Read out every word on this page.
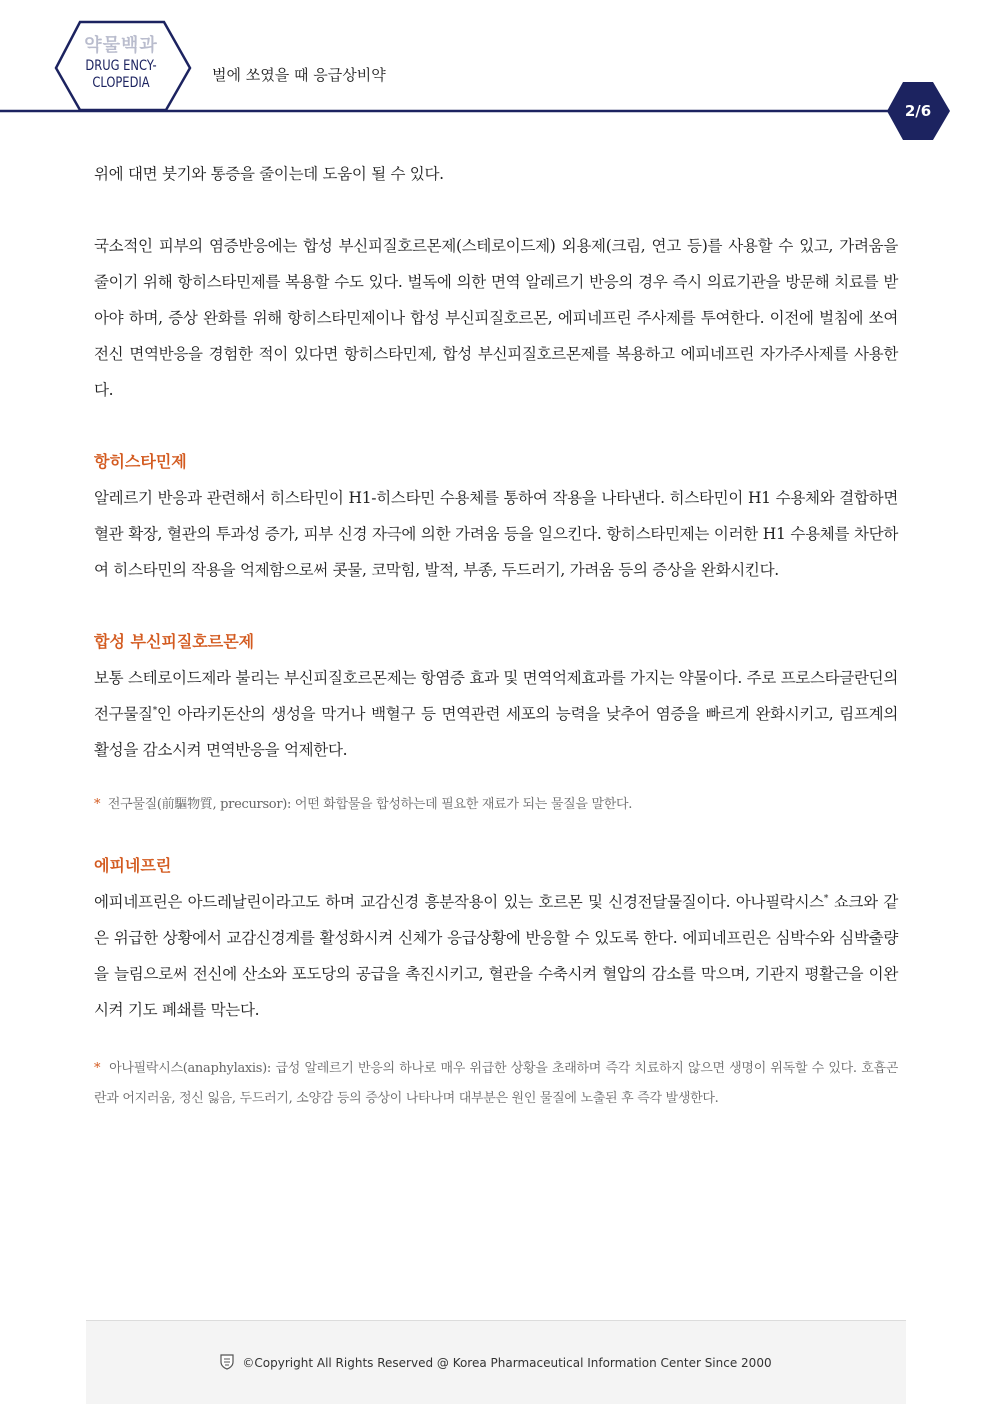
약물백과
DRUG ENCY-
CLOPEDIA	벌에 쏘였을 때 응급상비약
2/6

위에 대면 붓기와 통증을 줄이는데 도움이 될 수 있다.

국소적인 피부의 염증반응에는 합성 부신피질호르몬제(스테로이드제) 외용제(크림, 연고 등)를 사용할 수 있고, 가려움을 줄이기 위해 항히스타민제를 복용할 수도 있다. 벌독에 의한 면역 알레르기 반응의 경우 즉시 의료기관을 방문해 치료를 받아야 하며, 증상 완화를 위해 항히스타민제이나 합성 부신피질호르몬, 에피네프린 주사제를 투여한다. 이전에 벌침에 쏘여 전신 면역반응을 경험한 적이 있다면 항히스타민제, 합성 부신피질호르몬제를 복용하고 에피네프린 자가주사제를 사용한다.

항히스타민제

알레르기 반응과 관련해서 히스타민이 H1-히스타민 수용체를 통하여 작용을 나타낸다. 히스타민이 H1 수용체와 결합하면 혈관 확장, 혈관의 투과성 증가, 피부 신경 자극에 의한 가려움 등을 일으킨다. 항히스타민제는 이러한 H1 수용체를 차단하여 히스타민의 작용을 억제함으로써 콧물, 코막힘, 발적, 부종, 두드러기, 가려움 등의 증상을 완화시킨다.

합성 부신피질호르몬제

보통 스테로이드제라 불리는 부신피질호르몬제는 항염증 효과 및 면역억제효과를 가지는 약물이다. 주로 프로스타글란딘의 전구물질*인 아라키돈산의 생성을 막거나 백혈구 등 면역관련 세포의 능력을 낮추어 염증을 빠르게 완화시키고, 림프계의 활성을 감소시켜 면역반응을 억제한다.

* 전구물질(前驅物質, precursor): 어떤 화합물을 합성하는데 필요한 재료가 되는 물질을 말한다.

에피네프린

에피네프린은 아드레날린이라고도 하며 교감신경 흥분작용이 있는 호르몬 및 신경전달물질이다. 아나필락시스* 쇼크와 같은 위급한 상황에서 교감신경계를 활성화시켜 신체가 응급상황에 반응할 수 있도록 한다. 에피네프린은 심박수와 심박출량을 늘림으로써 전신에 산소와 포도당의 공급을 촉진시키고, 혈관을 수축시켜 혈압의 감소를 막으며, 기관지 평활근을 이완시켜 기도 폐쇄를 막는다.

* 아나필락시스(anaphylaxis): 급성 알레르기 반응의 하나로 매우 위급한 상황을 초래하며 즉각 치료하지 않으면 생명이 위독할 수 있다. 호흡곤란과 어지러움, 정신 잃음, 두드러기, 소양감 등의 증상이 나타나며 대부분은 원인 물질에 노출된 후 즉각 발생한다.

©Copyright All Rights Reserved @ Korea Pharmaceutical Information Center Since 2000
